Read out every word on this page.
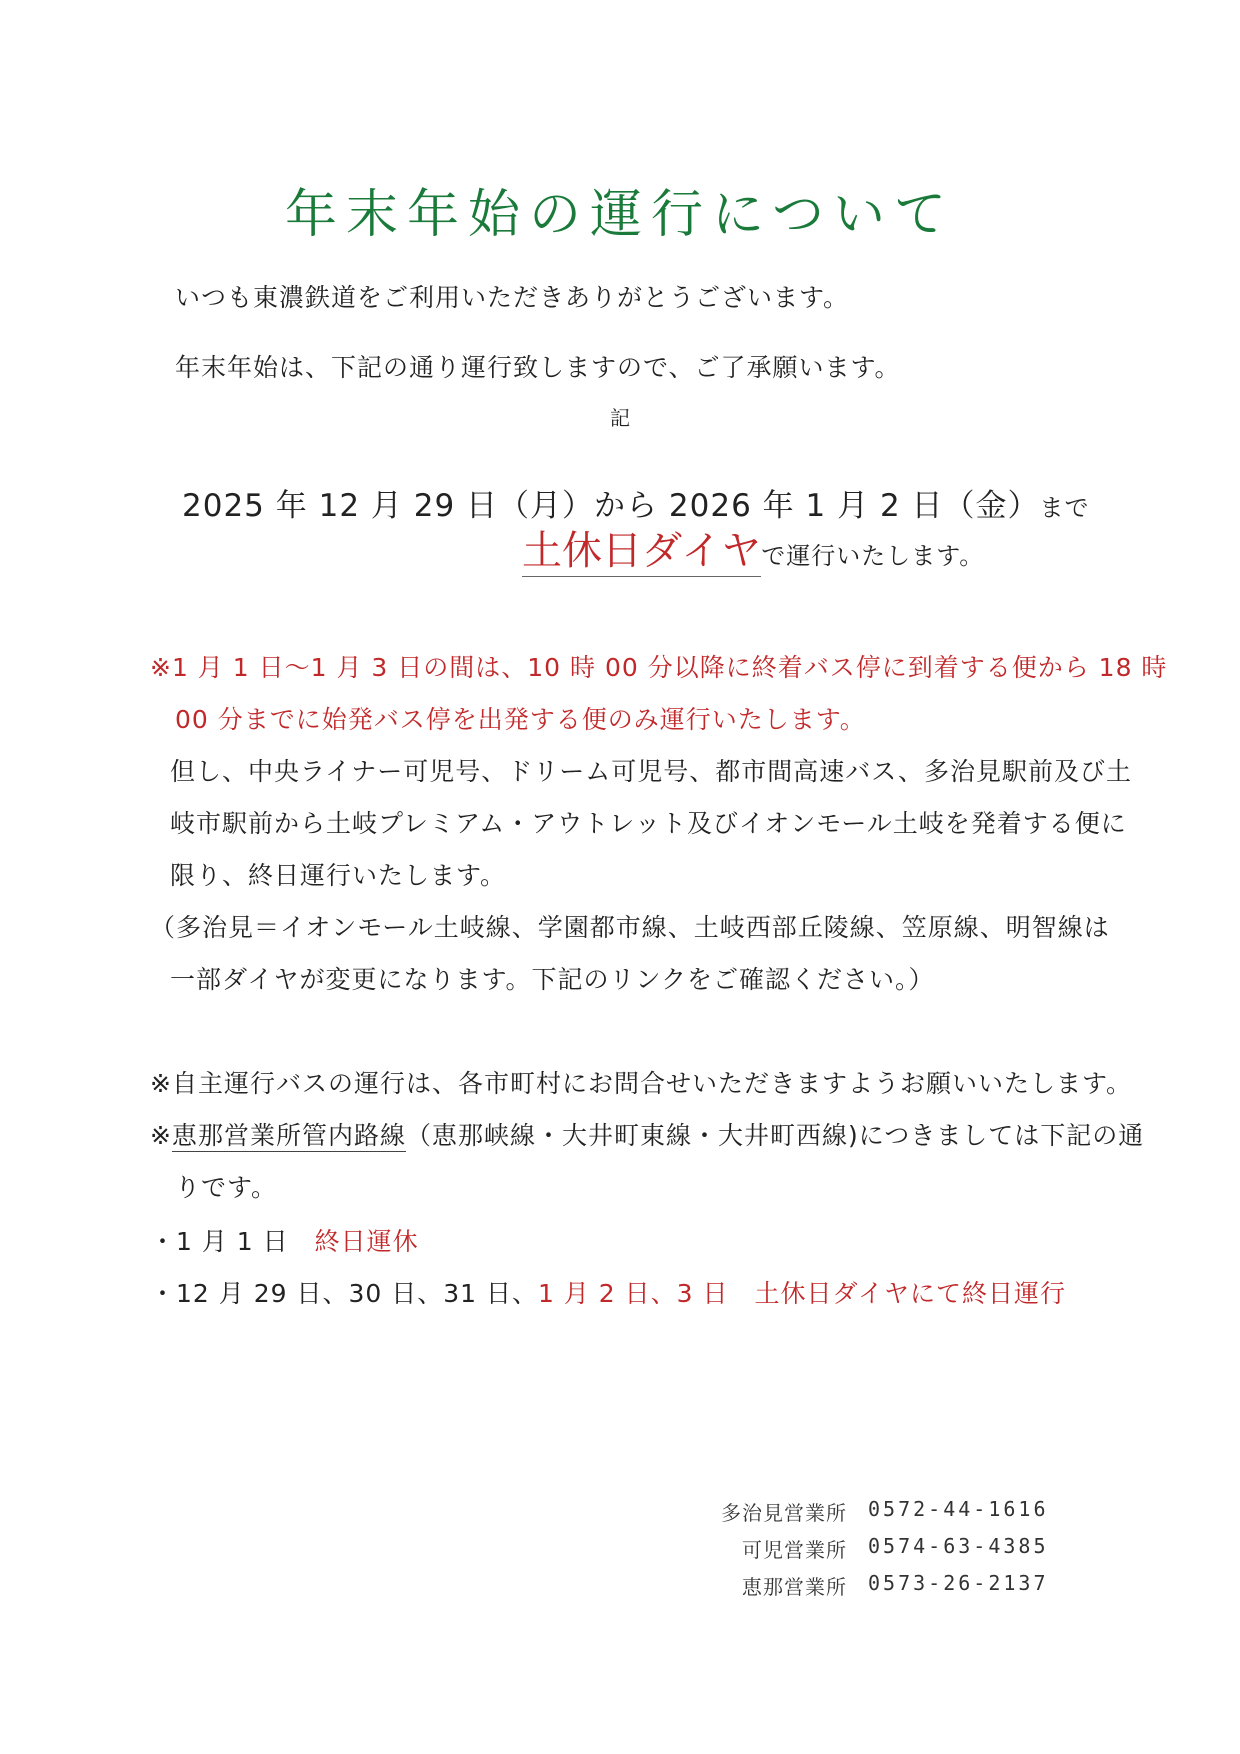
年末年始の運行について
いつも東濃鉄道をご利用いただきありがとうございます。
年末年始は、下記の通り運行致しますので、ご了承願います。
記
2025 年 12 月 29 日（月）から 2026 年 1 月 2 日（金）まで
土休日ダイヤで運行いたします。
※1 月 1 日～1 月 3 日の間は、10 時 00 分以降に終着バス停に到着する便から 18 時
00 分までに始発バス停を出発する便のみ運行いたします。
但し、中央ライナー可児号、ドリーム可児号、都市間高速バス、多治見駅前及び土
岐市駅前から土岐プレミアム・アウトレット及びイオンモール土岐を発着する便に
限り、終日運行いたします。
（多治見＝イオンモール土岐線、学園都市線、土岐西部丘陵線、笠原線、明智線は
一部ダイヤが変更になります。下記のリンクをご確認ください。）
※自主運行バスの運行は、各市町村にお問合せいただきますようお願いいたします。
※恵那営業所管内路線（恵那峡線・大井町東線・大井町西線)につきましては下記の通
りです。
・1 月 1 日　終日運休
・12 月 29 日、30 日、31 日、1 月 2 日、3 日　土休日ダイヤにて終日運行
多治見営業所 0572-44-1616
可児営業所 0574-63-4385
恵那営業所 0573-26-2137
